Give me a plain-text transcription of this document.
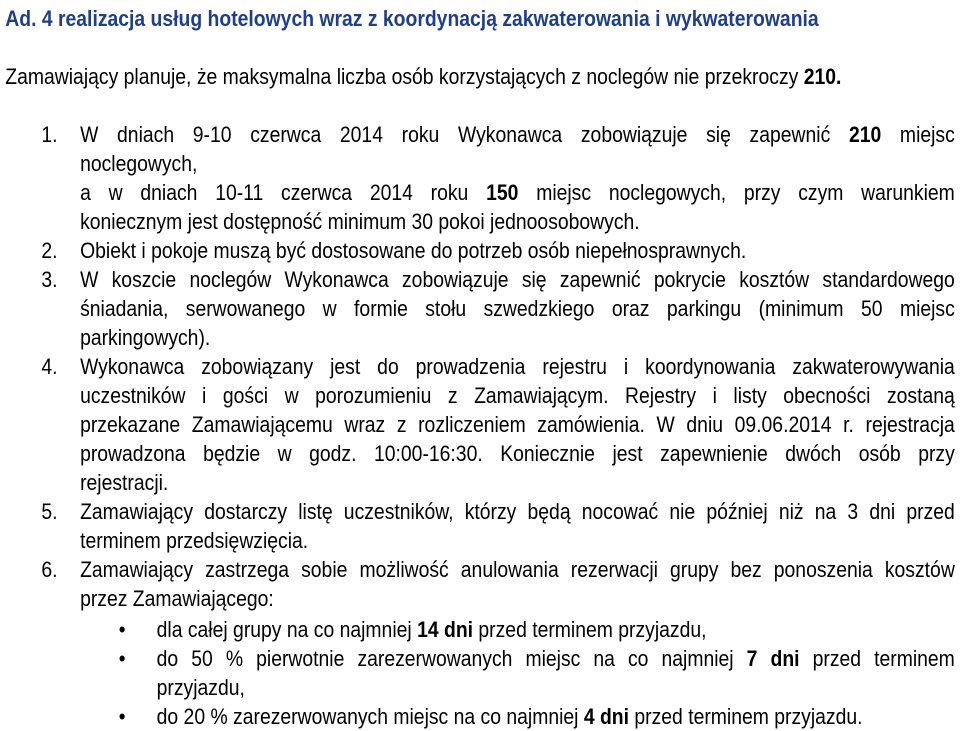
Ad. 4 realizacja usług hotelowych wraz z koordynacją zakwaterowania i wykwaterowania
Zamawiający planuje, że maksymalna liczba osób korzystających z noclegów nie przekroczy 210.
1. W dniach 9-10 czerwca 2014 roku Wykonawca zobowiązuje się zapewnić 210 miejsc
noclegowych,
a w dniach 10-11 czerwca 2014 roku 150 miejsc noclegowych, przy czym warunkiem
koniecznym jest dostępność minimum 30 pokoi jednoosobowych.
2. Obiekt i pokoje muszą być dostosowane do potrzeb osób niepełnosprawnych.
3. W koszcie noclegów Wykonawca zobowiązuje się zapewnić pokrycie kosztów standardowego
śniadania, serwowanego w formie stołu szwedzkiego oraz parkingu (minimum 50 miejsc
parkingowych).
4. Wykonawca zobowiązany jest do prowadzenia rejestru i koordynowania zakwaterowywania
uczestników i gości w porozumieniu z Zamawiającym. Rejestry i listy obecności zostaną
przekazane Zamawiającemu wraz z rozliczeniem zamówienia. W dniu 09.06.2014 r. rejestracja
prowadzona będzie w godz. 10:00-16:30. Koniecznie jest zapewnienie dwóch osób przy
rejestracji.
5. Zamawiający dostarczy listę uczestników, którzy będą nocować nie później niż na 3 dni przed
terminem przedsięwzięcia.
6. Zamawiający zastrzega sobie możliwość anulowania rezerwacji grupy bez ponoszenia kosztów
przez Zamawiającego:
• dla całej grupy na co najmniej 14 dni przed terminem przyjazdu,
• do 50 % pierwotnie zarezerwowanych miejsc na co najmniej 7 dni przed terminem
przyjazdu,
• do 20 % zarezerwowanych miejsc na co najmniej 4 dni przed terminem przyjazdu.
